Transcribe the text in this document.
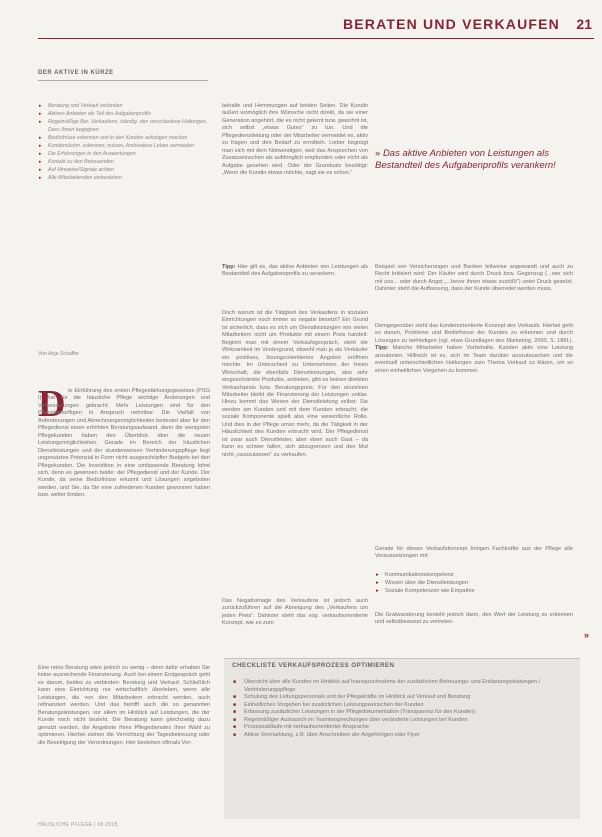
BERATEN UND VERKAUFEN 21
DER AKTIVE IN KÜRZE
▸ Beratung und Verkauf verbinden
▸ Aktives Anbieten als Teil des Aufgabenprofils
▸ Regelmäßige Ber. Verkaufens, ständig. den verschiedene Haltungen. Dass Ihnen begegnen
▸ Bedürfnisse erkennen und in den Kunden aufzeigen machen
▸ Kundenrückm. erkennen, nutzen, Ambivalenz Leben vermeiden
▸ Die Erfahrungen in den Auswertungen
▸ Kontakt zu den Betreuenden
▸ Auf Hinweise/Signale achten
▸ Alle Mitarbeitenden einbeziehen
Von Anja Schaffer
D ie Einführung des ersten Pflegestärkungsgesetzes (PSG I) hat für die häusliche Pflege wichtige Änderungen und Verbesserungen gebracht: Mehr Leistungen sind für den Pflegebedürftigen in Anspruch nehmbar. Die Vielfalt von Anforderungen und Abrechnungsmöglichkeiten bedeutet aber für den Pflegedienst einen erhöhten Beratungsaufwand, denn die wenigsten Pflegekunden haben den Überblick über die neuen Leistungsmöglichkeiten. Gerade im Bereich der häuslichen Dienstleistungen und der stundenweisen Verhinderungspflege liegt ungenutztes Potenzial in Form nicht ausgeschöpfter Budgets bei den Pflegekunden. Die Investition in eine umfassende Beratung lohnt sich, denn es gewinnen beide: der Pflegedienst und der Kunde. Der Kunde, da seine Bedürfnisse erkannt und Lösungen angeboten werden, und Sie, da Sie eine zufriedenen Kunden gewonnen haben bzw. weiter binden.
Eine reine Beratung wäre jedoch zu wenig – denn dafür erhalten Sie keine ausreichende Finanzierung. Auch bei einem Erstgespräch geht es darum, beides zu verbinden: Beratung und Verkauf. Schließlich kann eine Einrichtung nur wirtschaftlich überleben, wenn alle Leistungen, die von den Mitarbeitern erbracht werden, auch refinanziert werden. Und das betrifft auch die so genannten Beratungsleistungen, vor allem im Hinblick auf Leistungen, die der Kunde noch nicht bezieht. Die Beratung kann gleichzeitig dazu genutzt werden, die Angebote Ihres Pflegedienstes Ihrer Wahl zu optimieren. Hierbei stehen die Verrichtung der Tagesbetreuung oder die Beseitigung der Verordnungen, Hier bestehen oftmals Vor-
behalte und Hemmungen auf beiden Seiten. Die Kundin äußert womöglich ihre Wünsche nicht direkt, da sie einer Generation angehört, die es nicht gelernt bzw. gewohnt ist, sich selbst „etwas Gutes“ zu tun. Und die Pflegedienstleitung oder der Mitarbeiter vermeidet es, aktiv zu fragen und den Bedarf zu ermitteln. Lieber begnügt man sich mit dem Notwendigen, weil das Ansprechen von Zusatzwünschen als aufdringlich empfunden oder nicht als Aufgabe gesehen wird. Oder der Grundsatz bestätigt: „Wenn die Kundin etwas möchte, sagt sie es schon.“
Tipp: Hier gilt es, das aktive Anbieten von Leistungen als Bestandteil des Aufgabenprofils zu verankern.
Doch warum ist die Tätigkeit des Verkaufens in sozialen Einrichtungen noch immer so negativ besetzt? Ein Grund ist sicherlich, dass es sich um Dienstleistungen von vielen Mitarbeitern nicht um Produkte mit einem Preis handelt. Beginnt man mit einem Verkaufsgespräch, steht die Wirksamkeit im Vordergrund, obwohl man ja als Verkäufer ein positives, lösungsorientiertes Angebot eröffnen möchte. Im Unterschied zu Unternehmen der freien Wirtschaft, die ebenfalls Dienstleistungen, also sehr eingeschränkte Produkte, anbieten, gibt es keinen direkten Verkaufspreis bzw. Beratungspreis. Für den einzelnen Mitarbeiter bleibt die Finanzierung der Leistungen unklar. Hinzu kommt das Wesen der Dienstleistung selbst: Sie werden am Kunden und mit dem Kunden erbracht; die soziale Komponente spielt also eine wesentliche Rolle. Und dies in der Pflege umso mehr, da die Tätigkeit in der Häuslichkeit des Kunden erbracht wird. Der Pflegedienst ist zwar auch Dienstleister, aber eben auch Gast – da kann es schwer fallen, sich abzugrenzen und den Mut nicht „rauszulassen“ zu verkaufen.
Das Negativimage des Verkaufens ist jedoch auch zurückzuführen auf die Abneigung des „Verkaufens um jeden Preis“. Dahinter steht das sog. verkaufsorientierte Konzept, wie es zum
» Das aktive Anbieten von Leistungen als Bestandteil des Aufgabenprofils verankern!
Beispiel von Versicherungen und Banken teilweise angewandt und auch zu Recht kritisiert wird: Der Käufer wird durch Druck bzw. Gegenzug (...wer sich mit uns... oder durch Angst „...bevor ihnen etwas zustößt“) unter Druck gesetzt. Dahinter steht die Auffassung, dass der Kunde überredet werden muss.
Demgegenüber steht das kundenorientierte Konzept des Verkaufs. Hierbei geht es darum, Probleme und Bedürfnisse der Kunden zu erkennen und durch Lösungen zu befriedigen (vgl. etwa Grundlagen des Marketing, 2000, S. 186f.). Tipp: Manche Mitarbeiter haben Vorbehalte, Kunden aktiv eine Leistung anzubieten. Hilfreich ist es, sich im Team darüber auszutauschen und die eventuell unterschiedlichen Haltungen zum Thema Verkauf zu klären, um so einen einheitlichen Vorgehen zu kommen.
Gerade für dieses Verkaufskonzept bringen Fachkräfte aus der Pflege alle Voraussetzungen mit:
▸ Kommunikationskompetenz
▸ Wissen über die Dienstleistungen
▸ Soziale Kompetenzen wie Empathie
Die Gratwanderung besteht jedoch darin, den Wert der Leistung zu erkennen und selbstbewusst zu vertreten.
»
CHECKLISTE VERKAUFSPROZESS OPTIMIEREN
■ Übersicht über alle Kunden im Hinblick auf Inanspruchnahme der zusätzlichen Betreuungs- und Entlastungsleistungen / Verhinderungspflege
■ Schulung des Leitungspersonals und der Pflegekräfte im Hinblick auf Verkauf und Beratung
■ Einheitliches Vorgehen bei zusätzlichen Leistungswünschen der Kunden
■ Erfassung zusätzlicher Leistungen in der Pflegedokumentation (Transparenz für den Kunden)
■ Regelmäßiger Austausch im Teambesprechungen über veränderte Leistungen bei Kunden
■ Prozessabläufe mit verkaufsorientierter Ansprache
■ Aktive Vermarktung, z.B. über Anschreiben der Angehörigen oder Flyer
HÄUSLICHE PFLEGE | 08.2015
